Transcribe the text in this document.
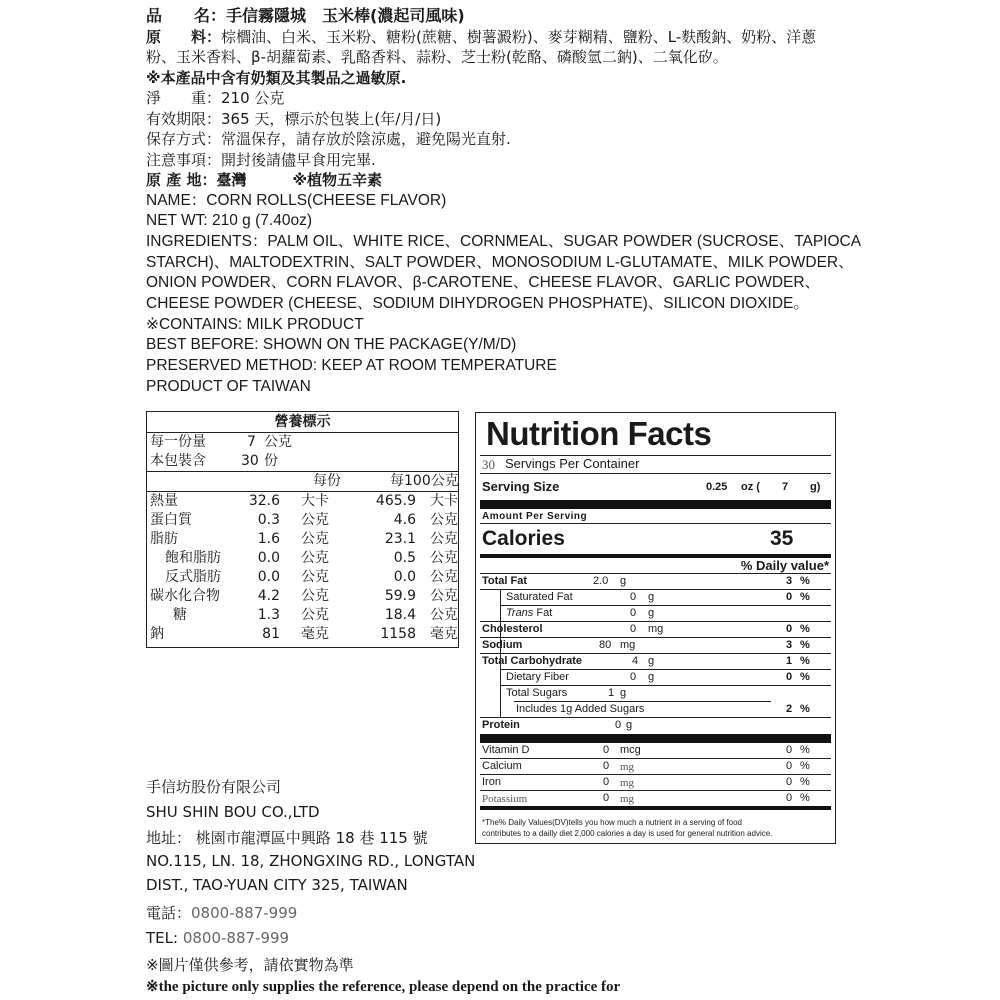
品　　名：手信霧隱城　玉米棒(濃起司風味)
原　　料：棕櫚油、白米、玉米粉、糖粉(蔗糖、樹薯澱粉)、麥芽糊精、鹽粉、L-麩酸鈉、奶粉、洋蔥
粉、玉米香料、β-胡蘿蔔素、乳酪香料、蒜粉、芝士粉(乾酪、磷酸氫二鈉)、二氧化矽。
※本產品中含有奶類及其製品之過敏原.
淨　　重：210 公克
有效期限：365 天，標示於包裝上(年/月/日)
保存方式：常溫保存，請存放於陰涼處，避免陽光直射.
注意事項：開封後請儘早食用完畢.
原 產 地：臺灣	※植物五辛素
NAME：CORN ROLLS(CHEESE FLAVOR)
NET WT: 210 g (7.40oz)
INGREDIENTS：PALM OIL、WHITE RICE、CORNMEAL、SUGAR POWDER (SUCROSE、TAPIOCA
STARCH)、MALTODEXTRIN、SALT POWDER、MONOSODIUM L-GLUTAMATE、MILK POWDER、
ONION POWDER、CORN FLAVOR、β-CAROTENE、CHEESE FLAVOR、GARLIC POWDER、
CHEESE POWDER (CHEESE、SODIUM DIHYDROGEN PHOSPHATE)、SILICON DIOXIDE。
※CONTAINS: MILK PRODUCT
BEST BEFORE: SHOWN ON THE PACKAGE(Y/M/D)
PRESERVED METHOD: KEEP AT ROOM TEMPERATURE
PRODUCT OF TAIWAN
營養標示
每一份量	7 公克
本包裝含	30 份
每份	每100公克
熱量	32.6 大卡	465.9 大卡
蛋白質	0.3 公克	4.6 公克
脂肪	1.6 公克	23.1 公克
飽和脂肪	0.0 公克	0.5 公克
反式脂肪	0.0 公克	0.0 公克
碳水化合物	4.2 公克	59.9 公克
糖	1.3 公克	18.4 公克
鈉	81 毫克	1158 毫克
Nutrition Facts
30 Servings Per Container
Serving Size	0.25 oz ( 7 g)
Amount Per Serving
Calories	35
% Daily value*
Total Fat	2.0 g	3 %
Saturated Fat	0 g	0 %
Trans Fat	0 g
Cholesterol	0 mg	0 %
Sodium	80 mg	3 %
Total Carbohydrate	4 g	1 %
Dietary Fiber	0 g	0 %
Total Sugars	1 g
Includes 1g Added Sugars	2 %
Protein	0 g
Vitamin D	0 mcg	0 %
Calcium	0 mg	0 %
Iron	0 mg	0 %
Potassium	0 mg	0 %
*The% Daily Values(DV)tells you how much a nutrient in a serving of food
contributes to a dailly diet 2,000 calories a day is used for general nutrition advice.
手信坊股份有限公司
SHU SHIN BOU CO.,LTD
地址： 桃園市龍潭區中興路 18 巷 115 號
NO.115, LN. 18, ZHONGXING RD., LONGTAN
DIST., TAO-YUAN CITY 325, TAIWAN
電話：0800-887-999
TEL: 0800-887-999
※圖片僅供參考，請依實物為準
※the picture only supplies the reference, please depend on the practice for
